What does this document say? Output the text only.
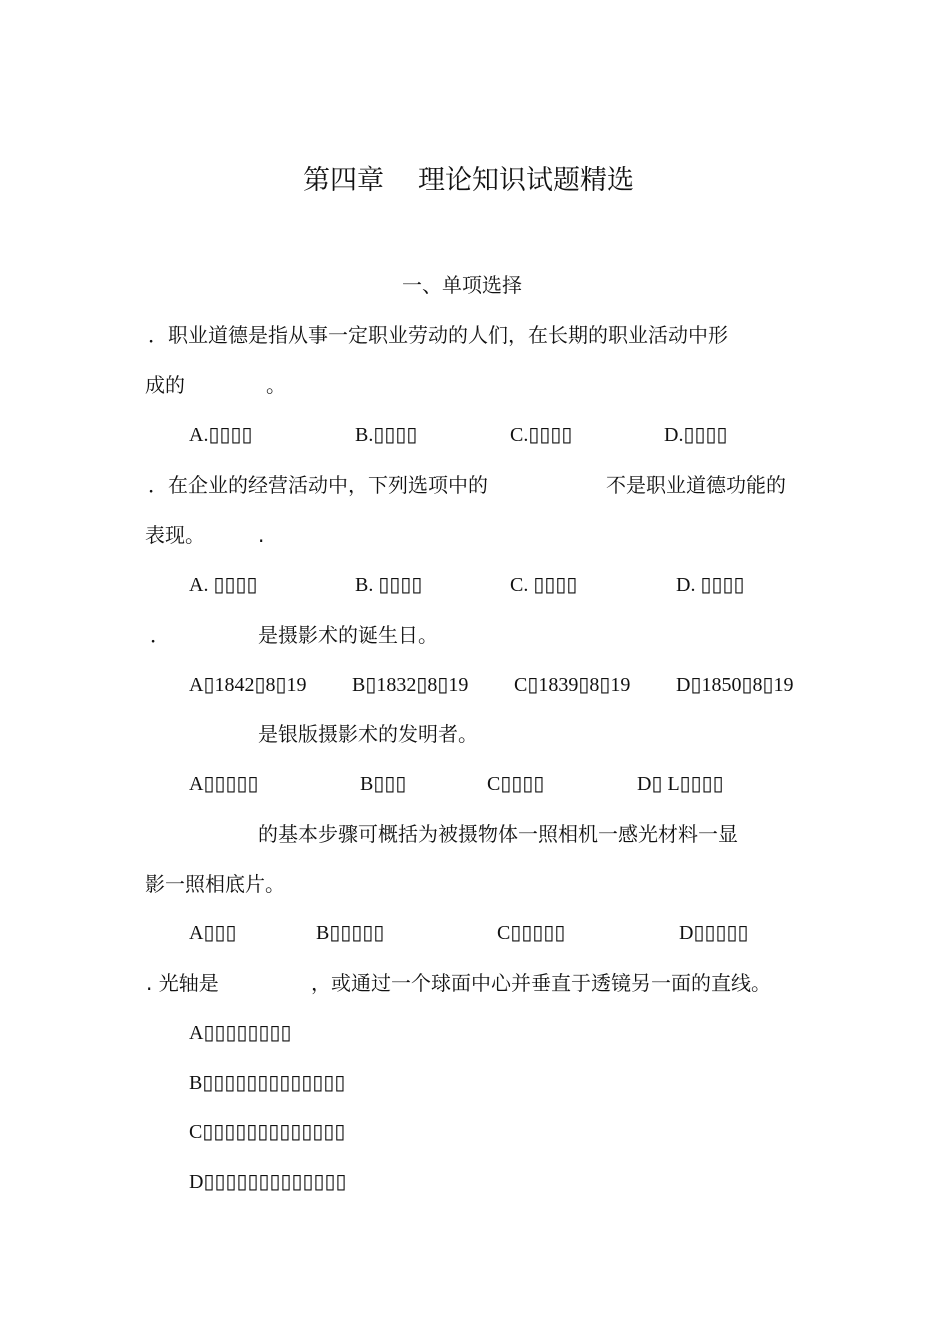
第四章 理论知识试题精选
一、单项选择
．职业道德是指从事一定职业劳动的人们，在长期的职业活动中形
成的	。
A.▯▯▯▯	B.▯▯▯▯	C.▯▯▯▯	D.▯▯▯▯
．在企业的经营活动中，下列选项中的	不是职业道德功能的
表现。	.
A. ▯▯▯▯	B. ▯▯▯▯	C. ▯▯▯▯	D. ▯▯▯▯
．	是摄影术的诞生日。
A▯1842▯8▯19 B▯1832▯8▯19 C▯1839▯8▯19 D▯1850▯8▯19
是银版摄影术的发明者。
A▯▯▯▯▯	B▯▯▯	C▯▯▯▯	D▯ L▯▯▯▯
的基本步骤可概括为被摄物体一照相机一感光材料一显
影一照相底片。
A▯▯▯	B▯▯▯▯▯	C▯▯▯▯▯	D▯▯▯▯▯
. 光轴是	，或通过一个球面中心并垂直于透镜另一面的直线。
A▯▯▯▯▯▯▯▯
B▯▯▯▯▯▯▯▯▯▯▯▯▯
C▯▯▯▯▯▯▯▯▯▯▯▯▯
D▯▯▯▯▯▯▯▯▯▯▯▯▯
